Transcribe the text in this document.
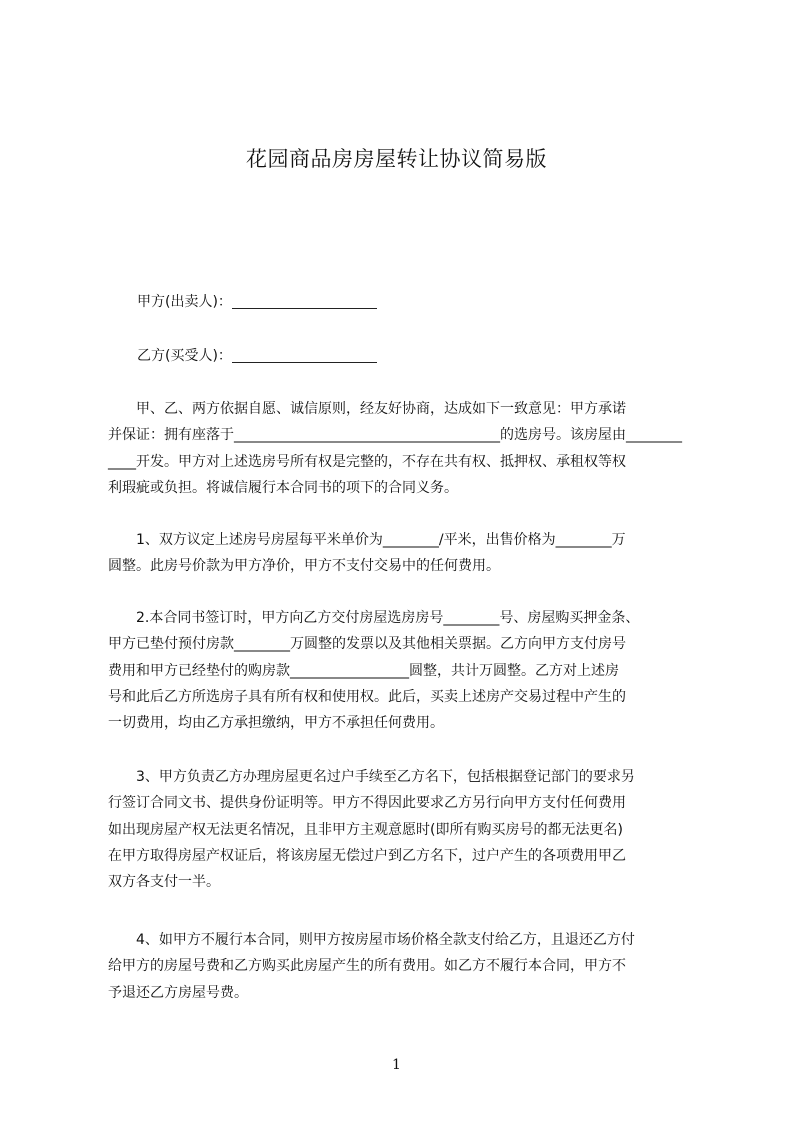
花园商品房房屋转让协议简易版
甲方(出卖人)：
乙方(买受人)：
　　甲、乙、两方依据自愿、诚信原则，经友好协商，达成如下一致意见：甲方承诺
并保证：拥有座落于______________________________________的选房号。该房屋由________
____开发。甲方对上述选房号所有权是完整的，不存在共有权、抵押权、承租权等权
利瑕疵或负担。将诚信履行本合同书的项下的合同义务。
　　1、双方议定上述房号房屋每平米单价为________/平米，出售价格为________万
圆整。此房号价款为甲方净价，甲方不支付交易中的任何费用。
　　2.本合同书签订时，甲方向乙方交付房屋选房房号________号、房屋购买押金条、
甲方已垫付预付房款________万圆整的发票以及其他相关票据。乙方向甲方支付房号
费用和甲方已经垫付的购房款_________________圆整，共计万圆整。乙方对上述房
号和此后乙方所选房子具有所有权和使用权。此后，买卖上述房产交易过程中产生的
一切费用，均由乙方承担缴纳，甲方不承担任何费用。
　　3、甲方负责乙方办理房屋更名过户手续至乙方名下，包括根据登记部门的要求另
行签订合同文书、提供身份证明等。甲方不得因此要求乙方另行向甲方支付任何费用
如出现房屋产权无法更名情况，且非甲方主观意愿时(即所有购买房号的都无法更名)
在甲方取得房屋产权证后，将该房屋无偿过户到乙方名下，过户产生的各项费用甲乙
双方各支付一半。
　　4、如甲方不履行本合同，则甲方按房屋市场价格全款支付给乙方，且退还乙方付
给甲方的房屋号费和乙方购买此房屋产生的所有费用。如乙方不履行本合同，甲方不
予退还乙方房屋号费。
1
